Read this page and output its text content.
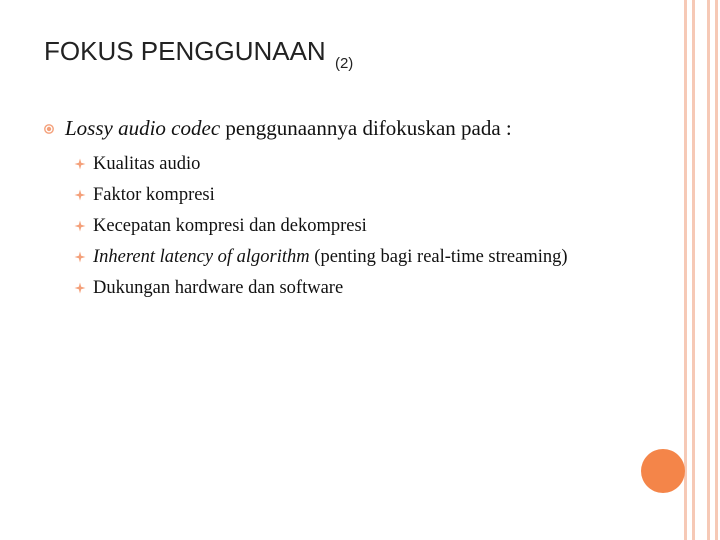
FOKUS PENGGUNAAN $_{(2)}$
Lossy audio codec penggunaannya difokuskan pada :
Kualitas audio
Faktor kompresi
Kecepatan kompresi dan dekompresi
Inherent latency of algorithm (penting bagi real-time streaming)
Dukungan hardware dan software
